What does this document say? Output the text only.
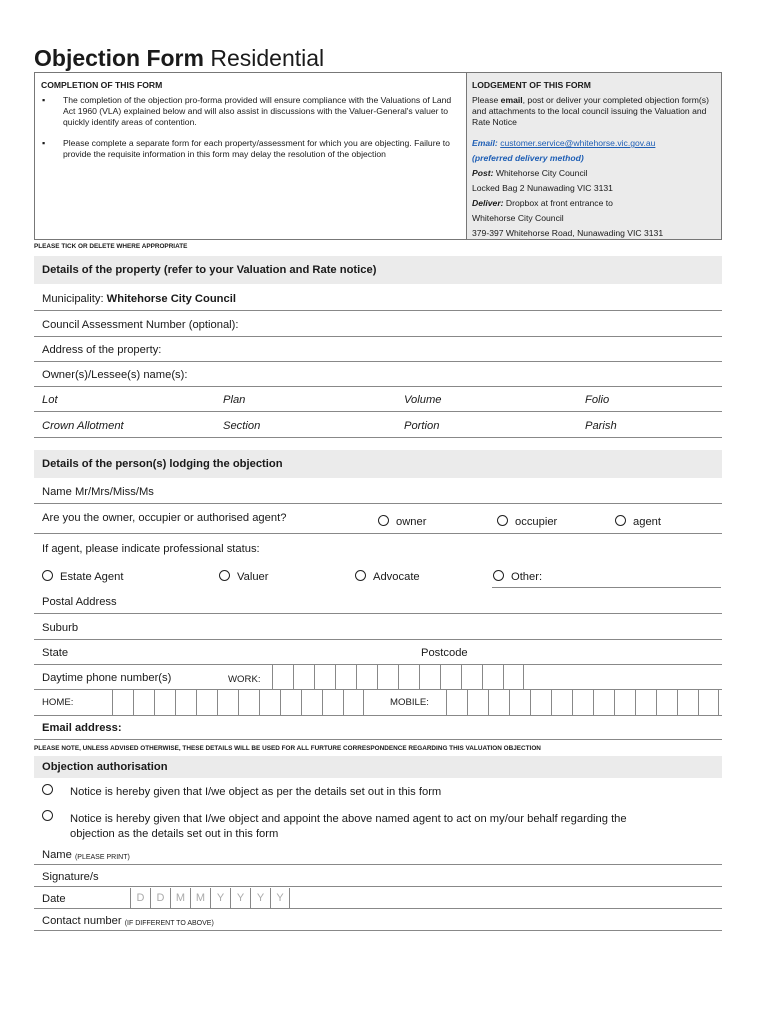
Objection Form Residential
COMPLETION OF THIS FORM
▪	The completion of the objection pro-forma provided will ensure compliance with the Valuations of Land Act 1960 (VLA) explained below and will also assist in discussions with the Valuer-General's valuer to quickly identify areas of contention.
▪	Please complete a separate form for each property/assessment for which you are objecting. Failure to provide the requisite information in this form may delay the resolution of the objection
LODGEMENT OF THIS FORM

Please email, post or deliver your completed objection form(s) and attachments to the local council issuing the Valuation and Rate Notice

Email: customer.service@whitehorse.vic.gov.au
(preferred delivery method)
Post: Whitehorse City Council
Locked Bag 2 Nunawading VIC 3131
Deliver: Dropbox at front entrance to
Whitehorse City Council
379-397 Whitehorse Road, Nunawading VIC 3131
PLEASE TICK OR DELETE WHERE APPROPRIATE
Details of the property (refer to your Valuation and Rate notice)
Municipality:
Whitehorse City Council
Council Assessment Number (optional):
Address of the property:
Owner(s)/Lessee(s) name(s):
Lot	Plan	Volume	Folio
Crown Allotment	Section	Portion	Parish
Details of the person(s) lodging the objection
Name Mr/Mrs/Miss/Ms
Are you the owner, occupier or authorised agent?	owner	occupier	agent
If agent, please indicate professional status:
Estate Agent	Valuer	Advocate	Other:
Postal Address
Suburb
State	Postcode
Daytime phone number(s)	WORK:
HOME:	MOBILE:
Email address:
PLEASE NOTE, UNLESS ADVISED OTHERWISE, THESE DETAILS WILL BE USED FOR ALL FURTURE CORRESPONDENCE REGARDING THIS VALUATION OBJECTION
Objection authorisation
Notice is hereby given that I/we object as per the details set out in this form
Notice is hereby given that I/we object and appoint the above named agent to act on my/our behalf regarding the
objection as the details set out in this form
Name
(PLEASE PRINT)
Signature/s
Date	D	D	M M	Y	Y	Y	Y
Contact number
(IF DIFFERENT TO ABOVE)
